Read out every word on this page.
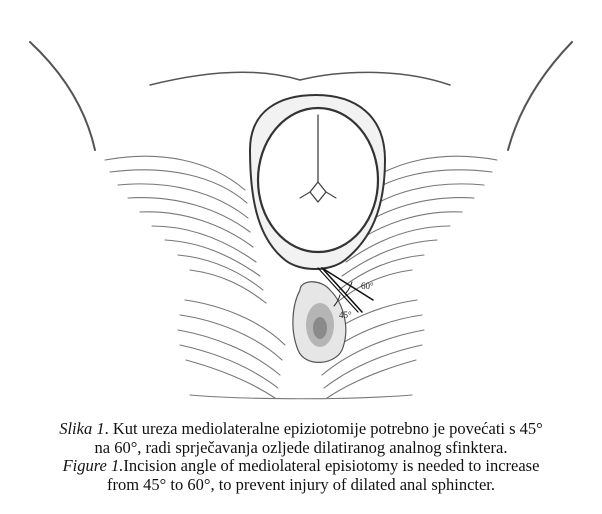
60°
45°

Slika 1. Kut ureza mediolateralne epiziotomije potrebno je povećati s 45°

na 60°, radi sprječavanja ozljede dilatiranog analnog sfinktera.

Figure 1.Incision angle of mediolateral episiotomy is needed to increase

from 45° to 60°, to prevent injury of dilated anal sphincter.
